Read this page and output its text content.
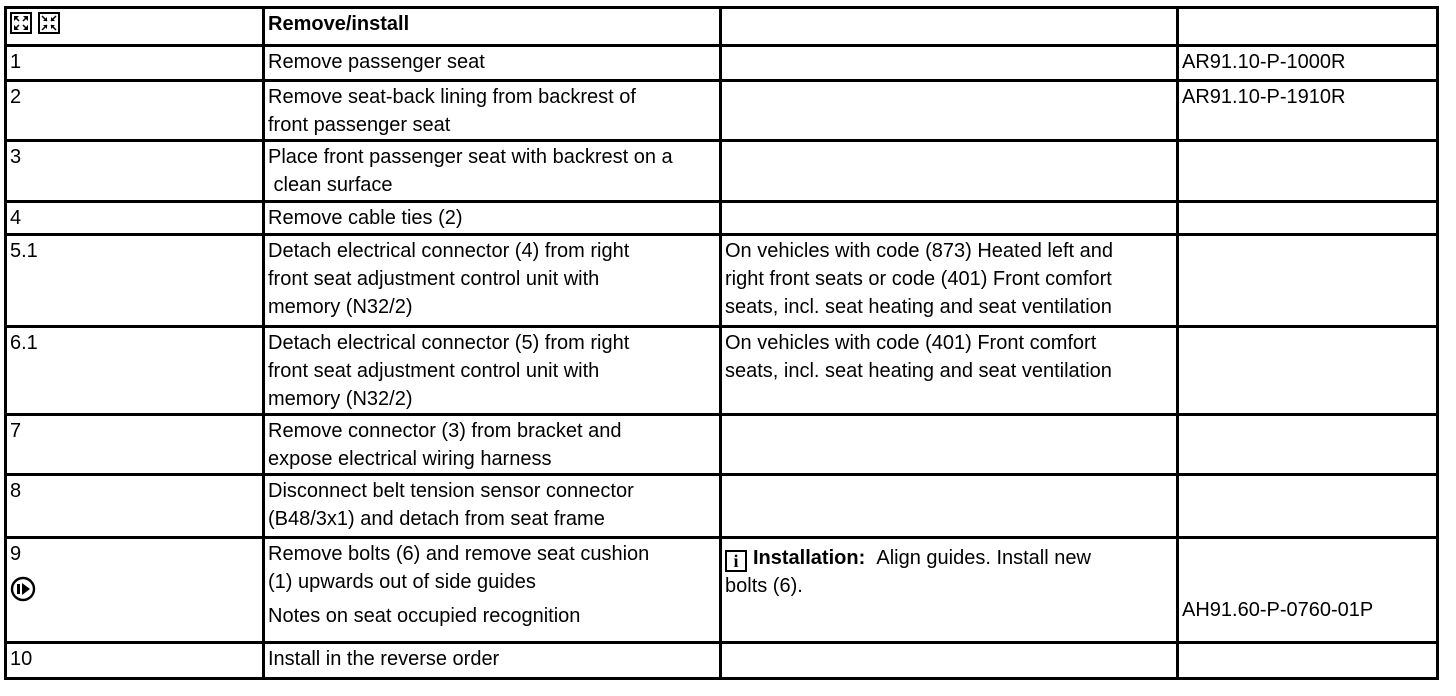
	Remove/install		
1	Remove passenger seat		AR91.10-P-1000R
2	Remove seat-back lining from backrest of
front passenger seat		AR91.10-P-1910R
3	Place front passenger seat with backrest on a
clean surface		

4	Remove cable ties (2)		

5.1	Detach electrical connector (4) from right
front seat adjustment control unit with
memory (N32/2)	On vehicles with code (873) Heated left and
right front seats or code (401) Front comfort
seats, incl. seat heating and seat ventilation	

6.1	Detach electrical connector (5) from right
front seat adjustment control unit with
memory (N32/2)	On vehicles with code (401) Front comfort
seats, incl. seat heating and seat ventilation	

7	Remove connector (3) from bracket and
expose electrical wiring harness		

8	Disconnect belt tension sensor connector
(B48/3x1) and detach from seat frame		

9	Remove bolts (6) and remove seat cushion
(1) upwards out of side guides
Notes on seat occupied recognition	i Installation: Align guides. Install new
bolts (6).	AH91.60-P-0760-01P

10	Install in the reverse order		
